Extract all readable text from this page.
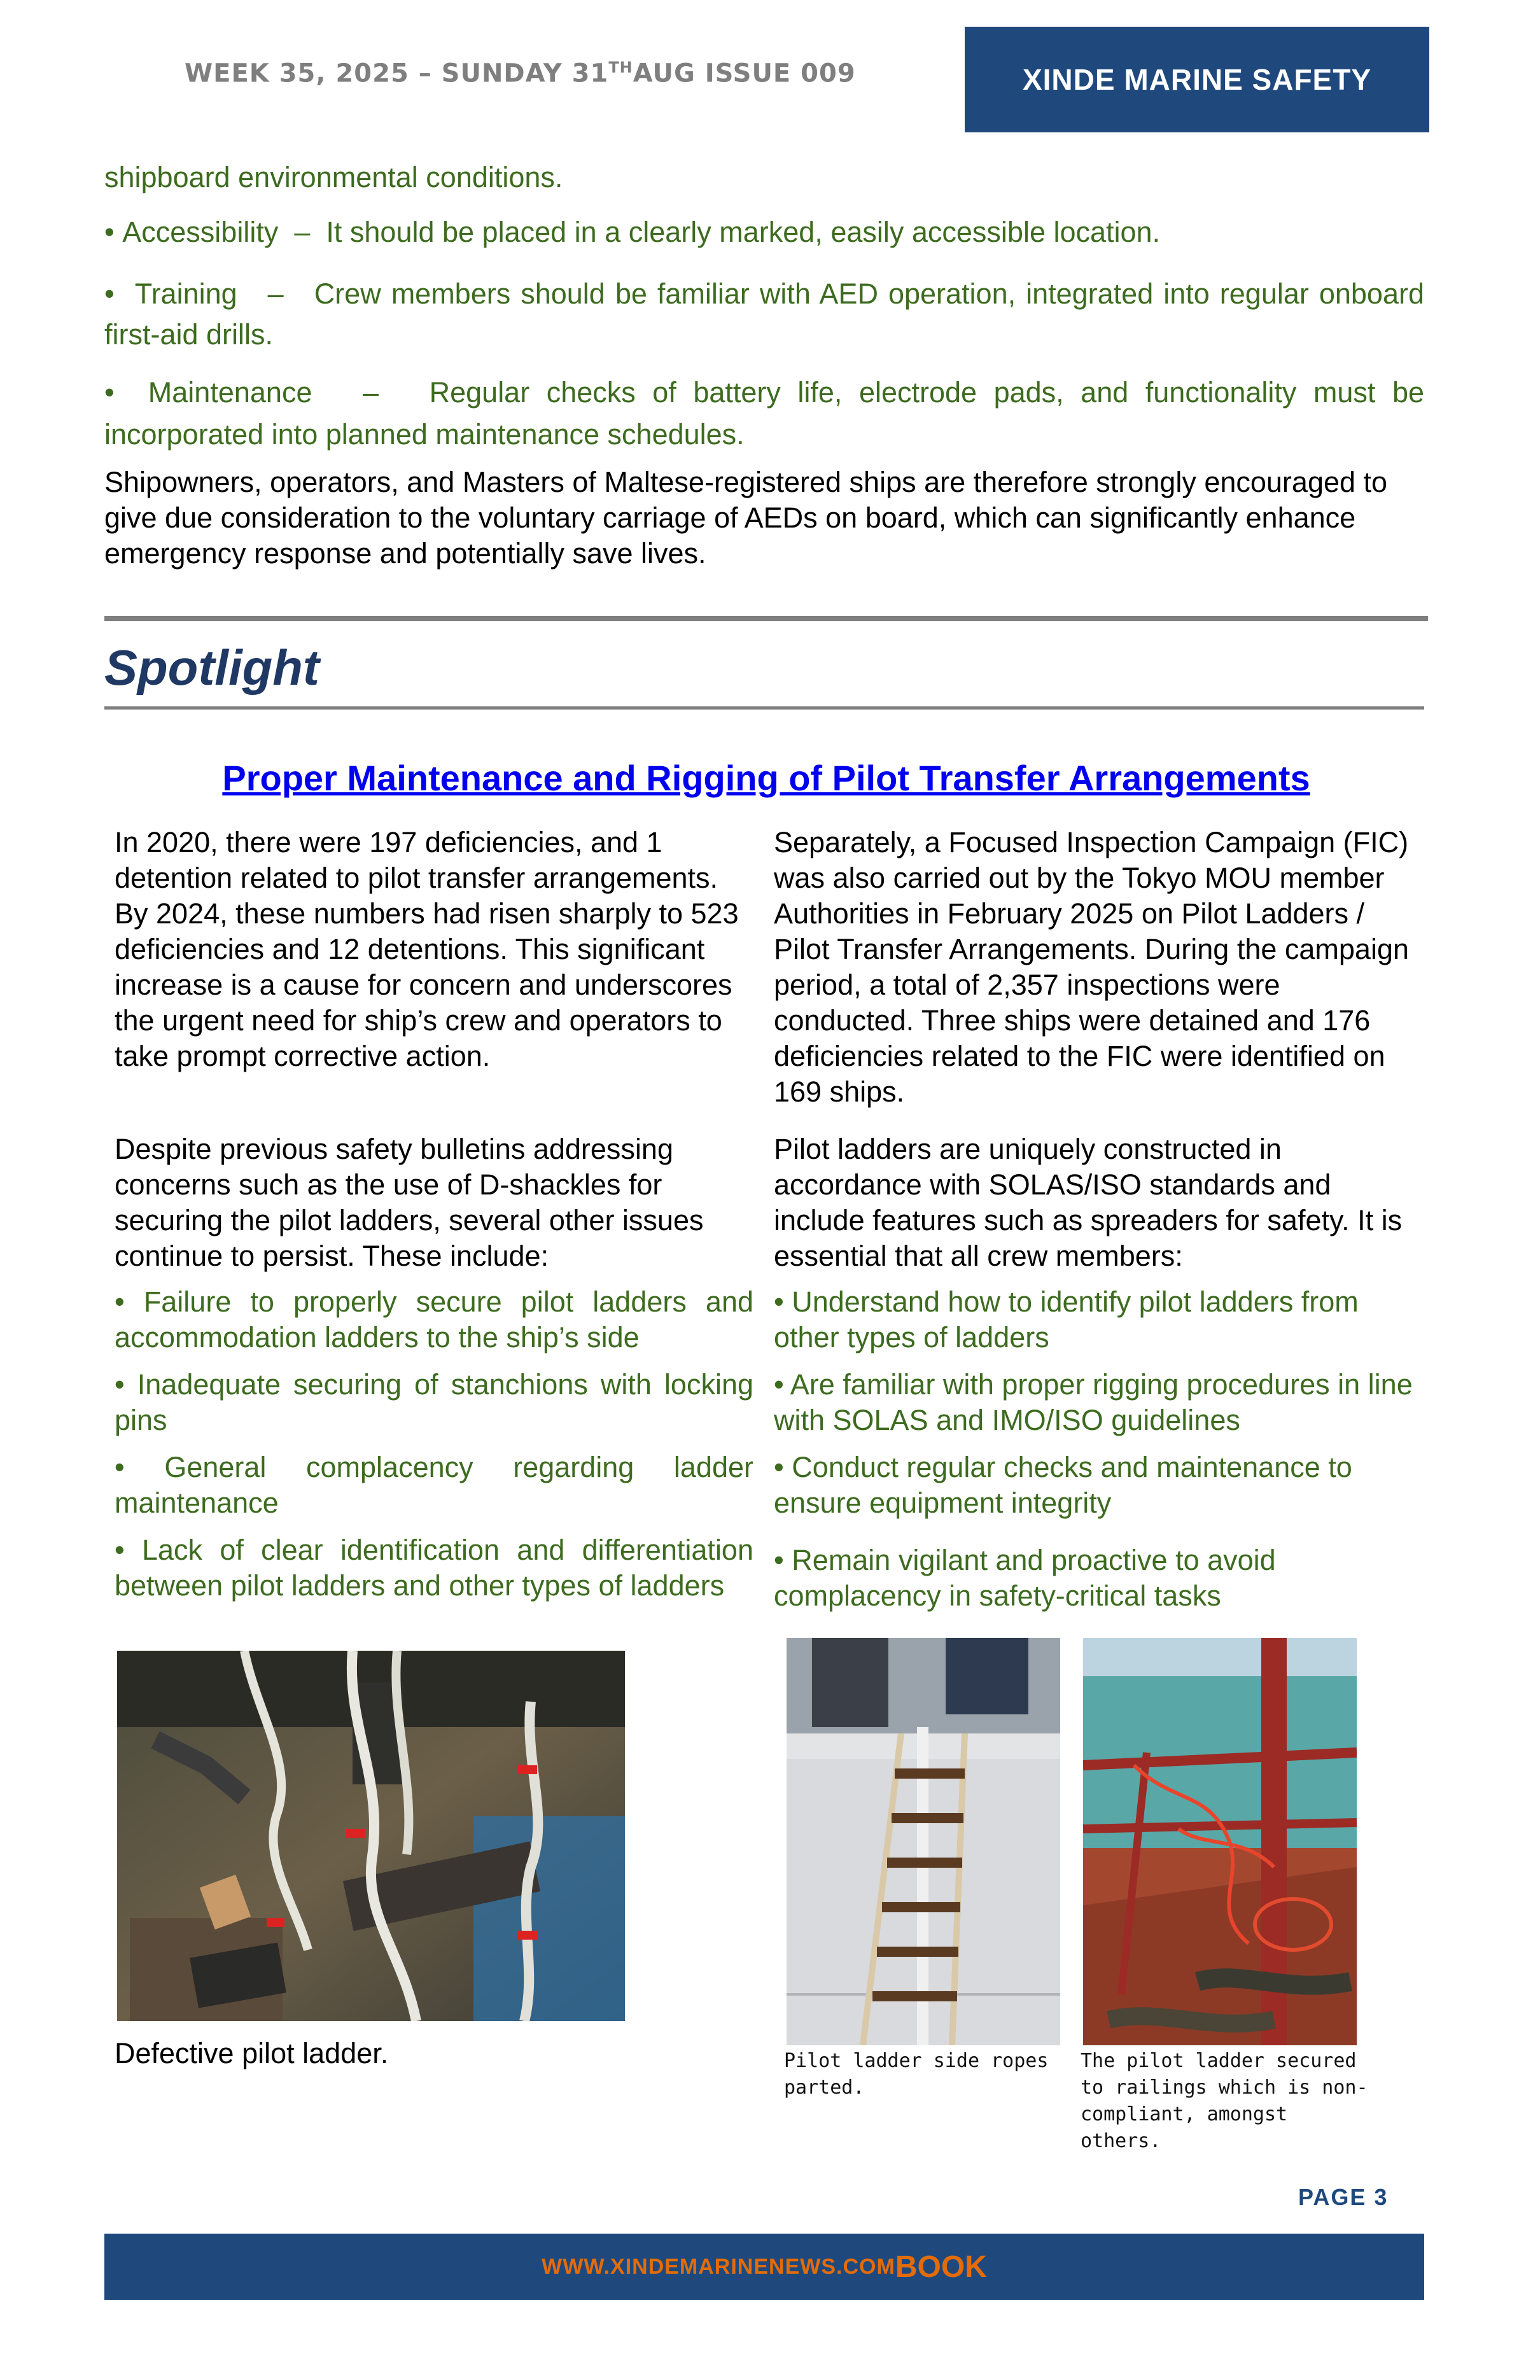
WEEK 35, 2025 – SUNDAY 31THAUG ISSUE 009	XINDE MARINE SAFETY
shipboard environmental conditions.
• Accessibility – It should be placed in a clearly marked, easily accessible location.
•  Training – Crew members should be familiar with AED operation, integrated into regular onboard first-aid drills.
•  Maintenance – Regular checks of battery life, electrode pads, and functionality must be incorporated into planned maintenance schedules.
Shipowners, operators, and Masters of Maltese-registered ships are therefore strongly encouraged to give due consideration to the voluntary carriage of AEDs on board, which can significantly enhance emergency response and potentially save lives.
Spotlight
Proper Maintenance and Rigging of Pilot Transfer Arrangements
In 2020, there were 197 deficiencies, and 1 detention related to pilot transfer arrangements. By 2024, these numbers had risen sharply to 523 deficiencies and 12 detentions. This significant increase is a cause for concern and underscores the urgent need for ship’s crew and operators to take prompt corrective action.
Despite previous safety bulletins addressing concerns such as the use of D-shackles for securing the pilot ladders, several other issues continue to persist. These include:
• Failure to properly secure pilot ladders and accommodation ladders to the ship’s side
• Inadequate securing of stanchions with locking pins
• General complacency regarding ladder maintenance
• Lack of clear identification and differentiation between pilot ladders and other types of ladders
Defective pilot ladder.
Separately, a Focused Inspection Campaign (FIC) was also carried out by the Tokyo MOU member Authorities in February 2025 on Pilot Ladders / Pilot Transfer Arrangements. During the campaign period, a total of 2,357 inspections were conducted. Three ships were detained and 176 deficiencies related to the FIC were identified on 169 ships.
Pilot ladders are uniquely constructed in accordance with SOLAS/ISO standards and include features such as spreaders for safety. It is essential that all crew members:
• Understand how to identify pilot ladders from other types of ladders
• Are familiar with proper rigging procedures in line with SOLAS and IMO/ISO guidelines
• Conduct regular checks and maintenance to ensure equipment integrity
• Remain vigilant and proactive to avoid complacency in safety-critical tasks
Pilot ladder side ropes parted.
The pilot ladder secured to railings which is non-compliant, amongst others.
PAGE 3
WWW.XINDEMARINENEWS.COM BOOK
